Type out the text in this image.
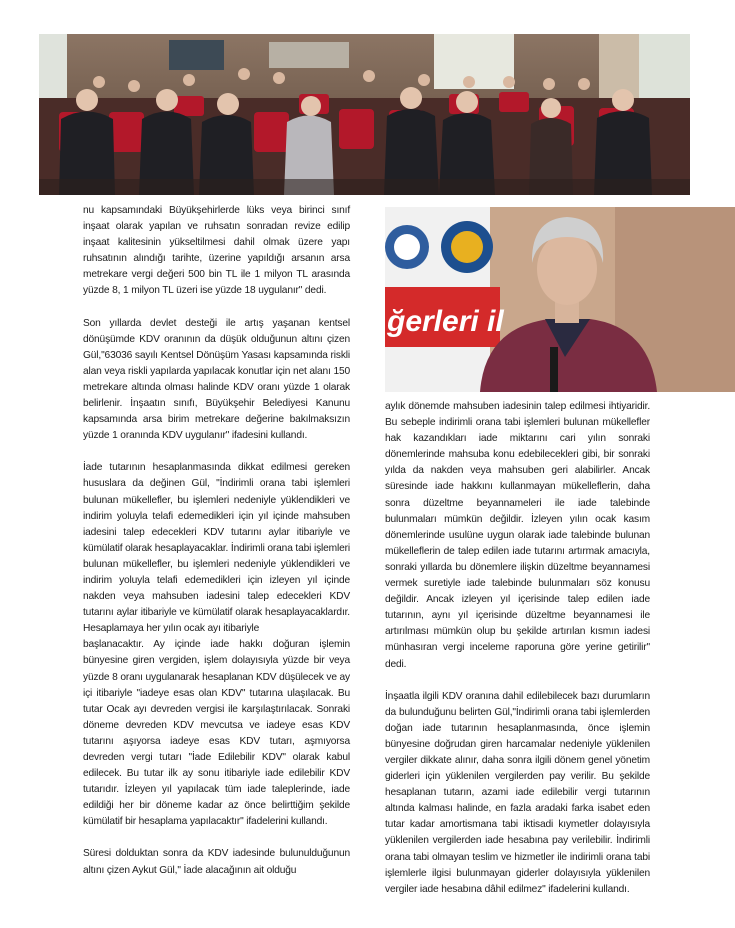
nu kapsamındaki Büyükşehirlerde lüks veya birinci sınıf inşaat olarak yapılan ve ruhsatın sonradan revize edilip inşaat kalitesinin yükseltilmesi dahil olmak üzere yapı ruhsatının alındığı tarihte, üzerine yapıldığı arsanın arsa metrekare vergi değeri 500 bin TL ile 1 milyon TL arasında yüzde 8, 1 milyon TL üzeri ise yüzde 18 uygulanır" dedi.

Son yıllarda devlet desteği ile artış yaşanan kentsel dönüşümde KDV oranının da düşük olduğunun altını çizen Gül,"63036 sayılı Kentsel Dönüşüm Yasası kapsamında riskli alan veya riskli yapılarda yapılacak konutlar için net alanı 150 metrekare altında olması halinde KDV oranı yüzde 1 olarak belirlenir. İnşaatın sınıfı, Büyükşehir Belediyesi Kanunu kapsamında arsa birim metrekare değerine bakılmaksızın yüzde 1 oranında KDV uygulanır" ifadesini kullandı.

İade tutarının hesaplanmasında dikkat edilmesi gereken hususlara da değinen Gül, "İndirimli orana tabi işlemleri bulunan mükellefler, bu işlemleri nedeniyle yüklendikleri ve indirim yoluyla telafi edemedikleri için yıl içinde mahsuben iadesini talep edecekleri KDV tutarını aylar itibariyle ve kümülatif olarak hesaplayacaklar. İndirimli orana tabi işlemleri bulunan mükellefler, bu işlemleri nedeniyle yüklendikleri ve indirim yoluyla telafi edemedikleri için izleyen yıl içinde nakden veya mahsuben iadesini talep edecekleri KDV tutarını aylar itibariyle ve kümülatif olarak hesaplayacaklardır. Hesaplamaya her yılın ocak ayı itibariyle

başlanacaktır. Ay içinde iade hakkı doğuran işlemin bünyesine giren vergiden, işlem dolayısıyla yüzde bir veya yüzde 8 oranı uygulanarak hesaplanan KDV düşülecek ve ay içi itibariyle "iadeye esas olan KDV" tutarına ulaşılacak. Bu tutar Ocak ayı devreden vergisi ile karşılaştırılacak. Sonraki döneme devreden KDV mevcutsa ve iadeye esas KDV tutarını aşıyorsa iadeye esas KDV tutarı, aşmıyorsa devreden vergi tutarı "İade Edilebilir KDV" olarak kabul edilecek. Bu tutar ilk ay sonu itibariyle iade edilebilir KDV tutarıdır. İzleyen yıl yapılacak tüm iade taleplerinde, iade edildiği her bir döneme kadar az önce belirttiğim şekilde kümülatif bir hesaplama yapılacaktır" ifadelerini kullandı.

Süresi dolduktan sonra da KDV iadesinde bulunulduğunun altını çizen Aykut Gül," İade alacağının ait olduğu

ğerleri il

aylık dönemde mahsuben iadesinin talep edilmesi ihtiyaridir. Bu sebeple indirimli orana tabi işlemleri bulunan mükellefler hak kazandıkları iade miktarını cari yılın sonraki dönemlerinde mahsuba konu edebilecekleri gibi, bir sonraki yılda da nakden veya mahsuben geri alabilirler. Ancak süresinde iade hakkını kullanmayan mükelleflerin, daha sonra düzeltme beyannameleri ile iade talebinde bulunmaları mümkün değildir. İzleyen yılın ocak kasım dönemlerinde usulüne uygun olarak iade talebinde bulunan mükelleflerin de talep edilen iade tutarını artırmak amacıyla, sonraki yıllarda bu dönemlere ilişkin düzeltme beyannamesi vermek suretiyle iade talebinde bulunmaları söz konusu değildir. Ancak izleyen yıl içerisinde talep edilen iade tutarının, aynı yıl içerisinde düzeltme beyannamesi ile artırılması mümkün olup bu şekilde artırılan kısmın iadesi münhasıran vergi inceleme raporuna göre yerine getirilir" dedi.

İnşaatla ilgili KDV oranına dahil edilebilecek bazı durumların da bulunduğunu belirten Gül,"İndirimli orana tabi işlemlerden doğan iade tutarının hesaplanmasında, önce işlemin bünyesine doğrudan giren harcamalar nedeniyle yüklenilen vergiler dikkate alınır, daha sonra ilgili dönem genel yönetim giderleri için yüklenilen vergilerden pay verilir. Bu şekilde hesaplanan tutarın, azami iade edilebilir vergi tutarının altında kalması halinde, en fazla aradaki farka isabet eden tutar kadar amortismana tabi iktisadi kıymetler dolayısıyla yüklenilen vergilerden iade hesabına pay verilebilir. İndirimli orana tabi olmayan teslim ve hizmetler ile indirimli orana tabi işlemlerle ilgisi bulunmayan giderler dolayısıyla yüklenilen vergiler iade hesabına dâhil edilmez" ifadelerini kullandı.
